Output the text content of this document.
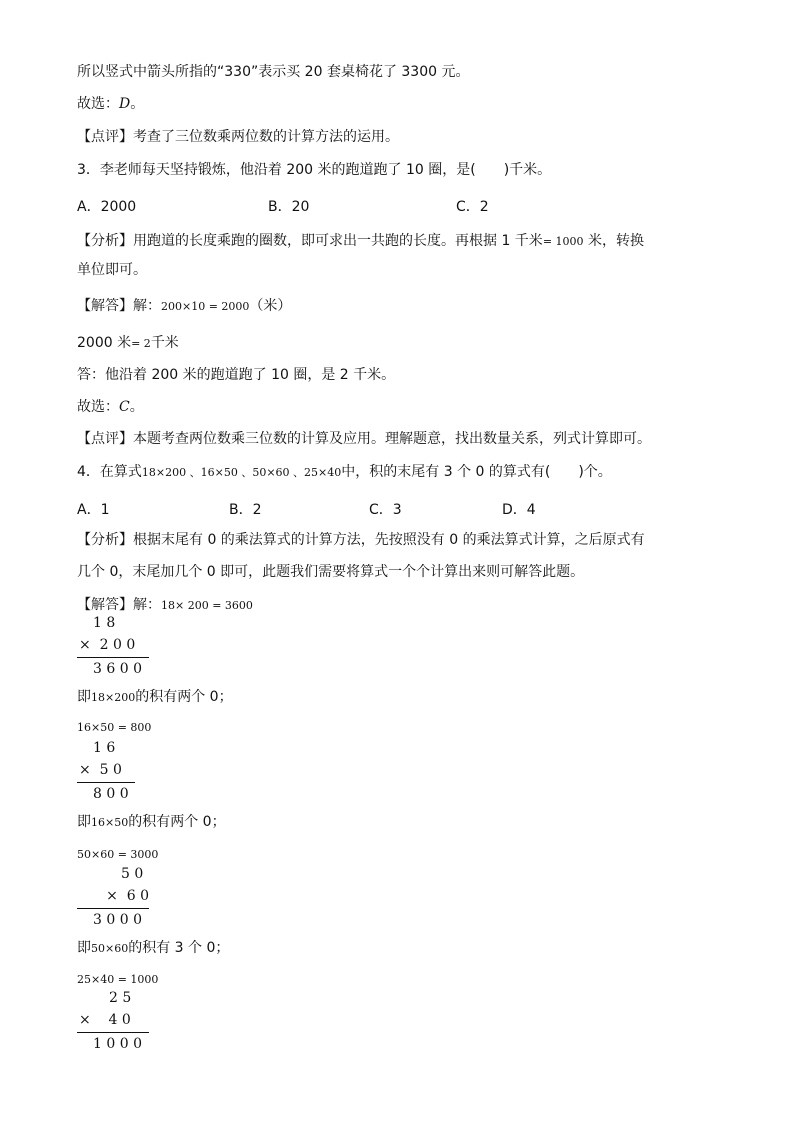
所以竖式中箭头所指的“330”表示买 20 套桌椅花了 3300 元。
故选：D。
【点评】考查了三位数乘两位数的计算方法的运用。
3．李老师每天坚持锻炼，他沿着 200 米的跑道跑了 10 圈，是(　　)千米。
A．2000	B．20	C．2
【分析】用跑道的长度乘跑的圈数，即可求出一共跑的长度。再根据 1 千米= 1000 米，转换
单位即可。
【解答】解：200×10 = 2000（米）
2000 米= 2千米
答：他沿着 200 米的跑道跑了 10 圈，是 2 千米。
故选：C。
【点评】本题考查两位数乘三位数的计算及应用。理解题意，找出数量关系，列式计算即可。
4．在算式18×200 、16×50 、50×60 、25×40中，积的末尾有 3 个 0 的算式有(　　)个。
A．1	B．2	C．3	D．4
【分析】根据末尾有 0 的乘法算式的计算方法，先按照没有 0 的乘法算式计算，之后原式有
几个 0，末尾加几个 0 即可，此题我们需要将算式一个个计算出来则可解答此题。
【解答】解：18× 200 = 3600
1 8
×  2 0 0
3 6 0 0
即18×200的积有两个 0；
16×50 = 800
1 6
×  5 0
8 0 0
即16×50的积有两个 0；
50×60 = 3000
5 0
×  6 0
3 0 0 0
即50×60的积有 3 个 0；
25×40 = 1000
2 5
×    4 0
1 0 0 0
